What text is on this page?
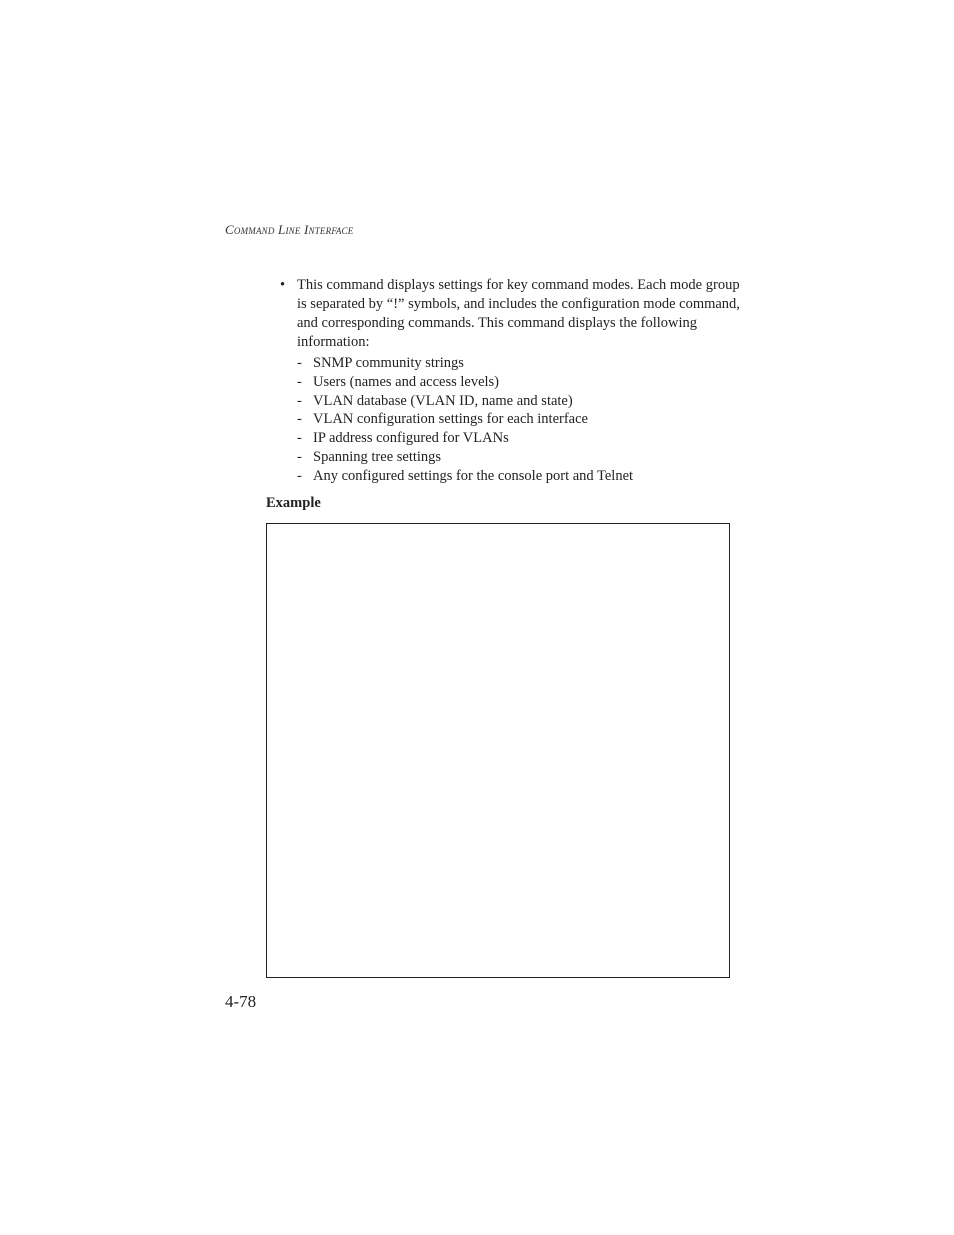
Command Line Interface
• This command displays settings for key command modes. Each mode group is separated by “!” symbols, and includes the configuration mode command, and corresponding commands. This command displays the following information:
- SNMP community strings
- Users (names and access levels)
- VLAN database (VLAN ID, name and state)
- VLAN configuration settings for each interface
- IP address configured for VLANs
- Spanning tree settings
- Any configured settings for the console port and Telnet
Example
4-78
